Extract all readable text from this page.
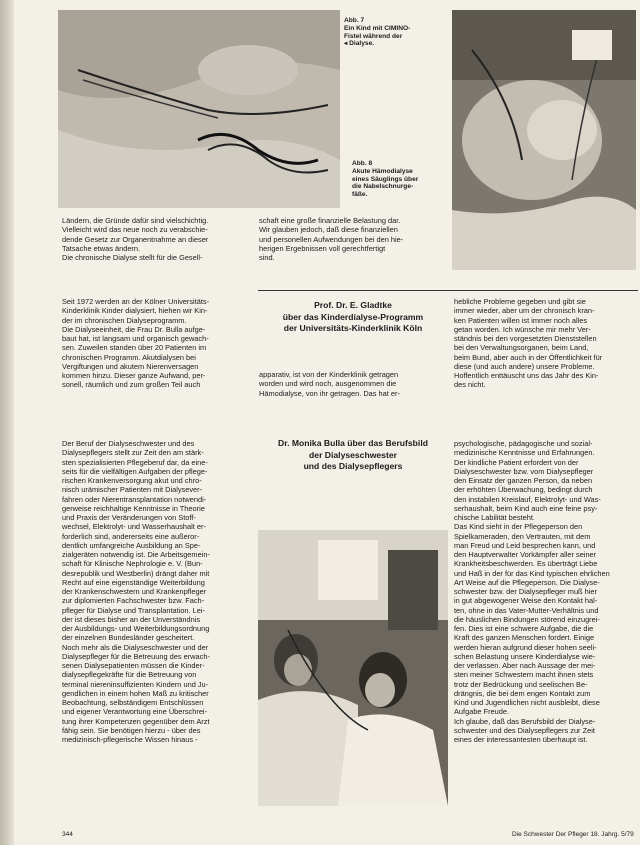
Abb. 7
Ein Kind mit CIMINO-
Fistel während der
◂ Dialyse.
Abb. 8
Akute Hämodialyse
eines Säuglings über
die Nabelschnurge-
fäße.
Ländern, die Gründe dafür sind vielschichtig.
Vielleicht wird das neue noch zu verabschie-
dende Gesetz zur Organentnahme an dieser
Tatsache etwas ändern.
Die chronische Dialyse stellt für die Gesell-
schaft eine große finanzielle Belastung dar.
Wir glauben jedoch, daß diese finanziellen
und personellen Aufwendungen bei den hie-
herigen Ergebnissen voll gerechtfertigt
sind.
Prof. Dr. E. Gladtke
über das Kinderdialyse-Programm
der Universitäts-Kinderklinik Köln
Seit 1972 werden an der Kölner Universitäts-
Kinderklinik Kinder dialysiert, hiehen wir Kin-
der im chronischen Dialyseprogramm.
Die Dialyseeinheit, die Frau Dr. Bulla aufge-
baut hat, ist langsam und organisch gewach-
sen. Zuweilen standen über 20 Patienten im
chronischen Programm. Akutdialysen bei
Vergiftungen und akutem Nierenversagen
kommen hinzu. Dieser ganze Aufwand, per-
sonell, räumlich und zum großen Teil auch
apparativ, ist von der Kinderklinik getragen
worden und wird noch, ausgenommen die
Hämodialyse, von ihr getragen. Das hat er-
hebliche Probleme gegeben und gibt sie
immer wieder, aber um der chronisch kran-
ken Patienten willen ist immer noch alles
getan worden. Ich wünsche mir mehr Ver-
ständnis bei den vorgesetzten Dienststellen
bei den Verwaltungsorganen, beim Land,
beim Bund, aber auch in der Öffentlichkeit für
diese (und auch andere) unsere Probleme.
Hoffentlich enttäuscht uns das Jahr des Kin-
des nicht.
Dr. Monika Bulla über das Berufsbild
der Dialyseschwester
und des Dialysepflegers
Der Beruf der Dialyseschwester und des
Dialysepflegers stellt zur Zeit den am stärk-
sten spezialisierten Pflegeberuf dar, da eine-
seits für die vielfältigen Aufgaben der pflege-
rischen Krankenversorgung akut und chro-
nisch urämischer Patienten mit Dialysever-
fahren oder Nierentransplantation notwendi-
gerweise reichhaltige Kenntnisse in Theorie
und Praxis der Veränderungen von Stoff-
wechsel, Elektrolyt- und Wasserhaushalt er-
forderlich sind, andererseits eine außeror-
dentlich umfangreiche Ausbildung an Spe-
zialgeräten notwendig ist. Die Arbeitsgemein-
schaft für Klinische Nephrologie e. V. (Bun-
desrepublik und Westberlin) drängt daher mit
Recht auf eine eigenständige Weiterbildung
der Krankenschwestern und Krankenpfleger
zur diplomierten Fachschwester bzw. Fach-
pfleger für Dialyse und Transplantation. Lei-
der ist dieses bisher an der Unverständnis
der Ausbildungs- und Weiterbildungsordnung
der einzelnen Bundesländer gescheitert.
Noch mehr als die Dialyseschwester und der
Dialysepfleger für die Betreuung des erwach-
senen Dialysepatienten müssen die Kinder-
dialysepflegekräfte für die Betreuung von
terminal niereninsuffizienten Kindern und Ju-
gendlichen in einem hohen Maß zu kritischer
Beobachtung, selbständigem Entschlüssen
und eigener Verantwortung eine Überschrei-
tung ihrer Kompetenzen gegenüber dem Arzt
fähig sein. Sie benötigen hierzu - über des
medizinisch-pflegerische Wissen hinaus -
psychologische, pädagogische und sozial-
medizinische Kenntnisse und Erfahrungen.
Der kindliche Patient erfordert von der
Dialyseschwester bzw. vom Dialysepfleger
den Einsatz der ganzen Person, da neben
der erhöhten Überwachung, bedingt durch
den instabilen Kreislauf, Elektrolyt- und Was-
serhaushalt, beim Kind auch eine feine psy-
chische Labilität besteht.
Das Kind sieht in der Pflegeperson den
Spielkameraden, den Vertrauten, mit dem
man Freud und Leid besprechen kann, und
den Hauptverwalter Vorkämpfer aller seiner
Krankheitsbeschwerden. Es überträgt Liebe
und Haß in der für das Kind typischen ehrlichen
Art Weise auf die Pflegeperson. Die Dialyse-
schwester bzw. der Dialysepfleger muß hier
in gut abgewogener Weise den Kontakt hal-
ten, ohne in das Vater-Mutter-Verhältnis und
die häuslichen Bindungen störend einzugrei-
fen. Dies ist eine schwere Aufgabe, die die
Kraft des ganzen Menschen fordert. Einige
werden hieran aufgrund dieser hohen seeli-
schen Belastung unsere Kinderdialyse wie-
der verlassen. Aber nach Aussage der mei-
sten meiner Schwestern macht ihnen stets
trotz der Bedrückung und seelischen Be-
drängnis, die bei dem engen Kontakt zum
Kind und Jugendlichen nicht ausbleibt, diese
Aufgabe Freude.
Ich glaube, daß das Berufsbild der Dialyse-
schwester und des Dialysepflegers zur Zeit
eines der interessantesten überhaupt ist.
344	Die Schwester Der Pfleger 18. Jahrg. 5/79
